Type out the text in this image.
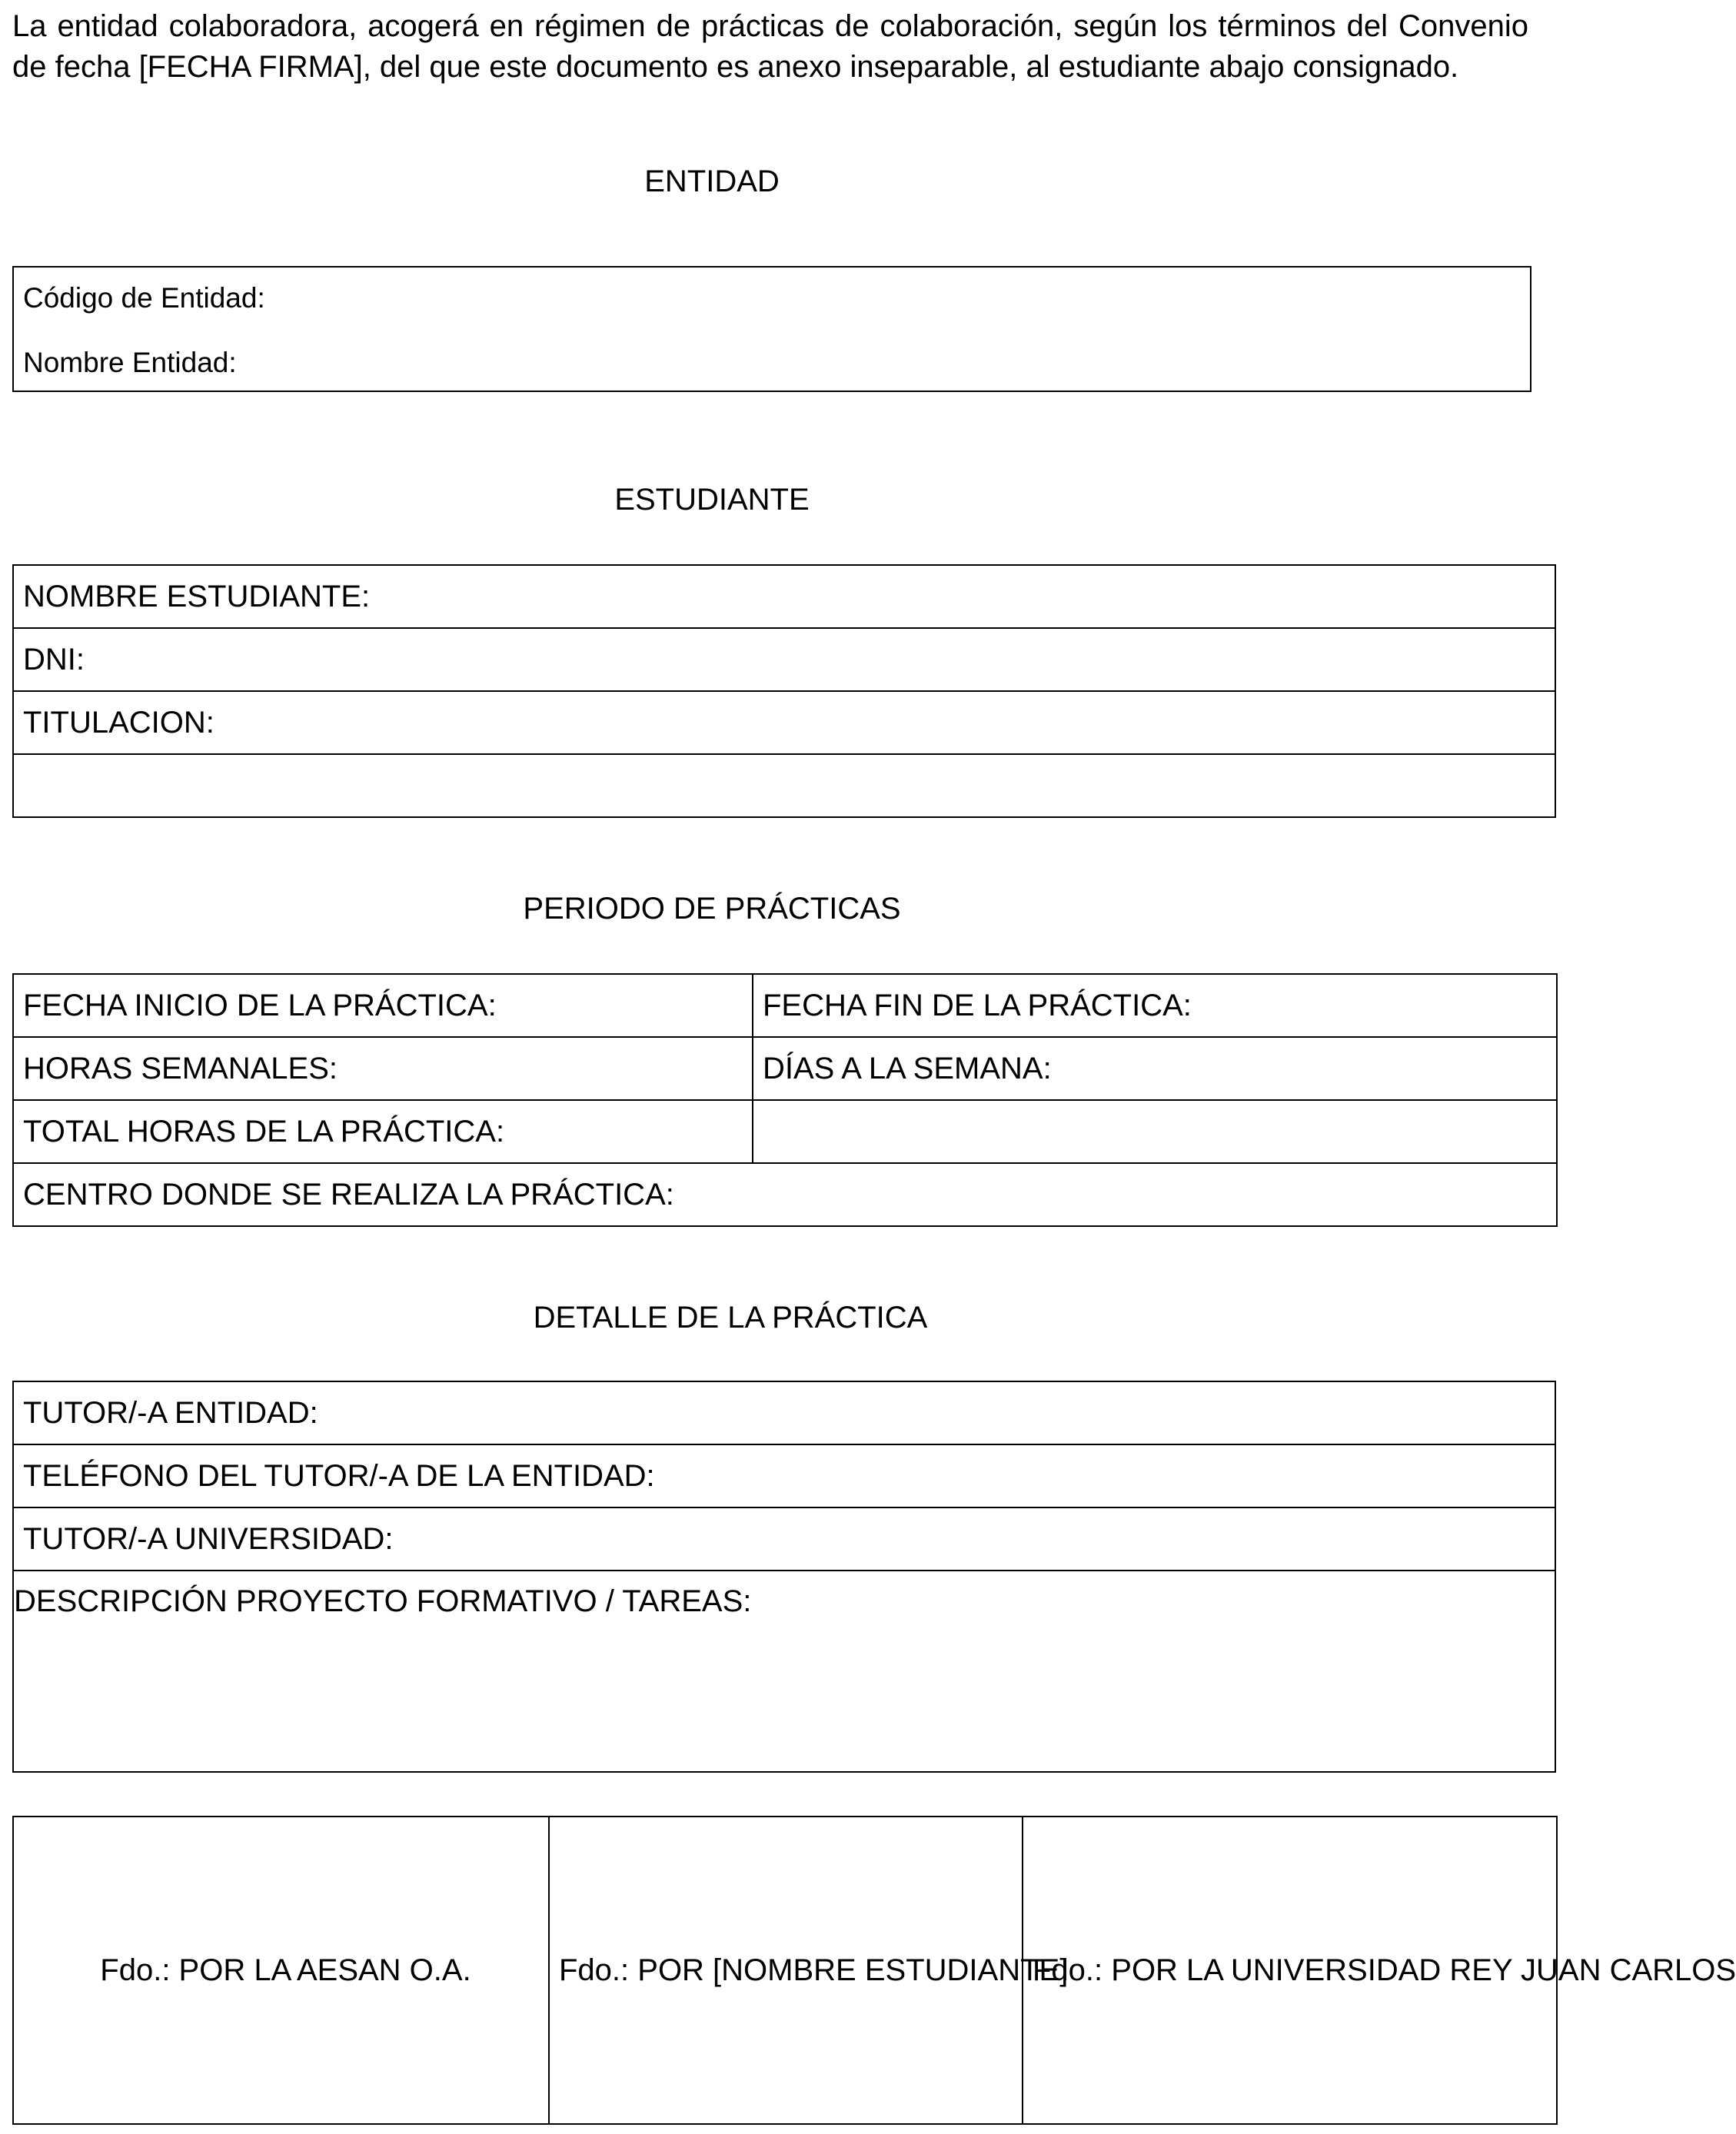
La entidad colaboradora, acogerá en régimen de prácticas de colaboración, según los términos del Convenio de fecha [FECHA FIRMA], del que este documento es anexo inseparable, al estudiante abajo consignado.

ENTIDAD

Código de Entidad:
Nombre Entidad:

ESTUDIANTE

NOMBRE ESTUDIANTE:
DNI:
TITULACION:

PERIODO DE PRÁCTICAS

FECHA INICIO DE LA PRÁCTICA:	FECHA FIN DE LA PRÁCTICA:
HORAS SEMANALES:	DÍAS A LA SEMANA:
TOTAL HORAS DE LA PRÁCTICA:	
CENTRO DONDE SE REALIZA LA PRÁCTICA:	

DETALLE DE LA PRÁCTICA

TUTOR/-A ENTIDAD:
TELÉFONO DEL TUTOR/-A DE LA ENTIDAD:
TUTOR/-A UNIVERSIDAD:
DESCRIPCIÓN PROYECTO FORMATIVO / TAREAS:
Fdo.: POR LA AESAN O.A.	Fdo.: POR [NOMBRE ESTUDIANTE]	Fdo.: POR LA UNIVERSIDAD REY JUAN CARLOS
